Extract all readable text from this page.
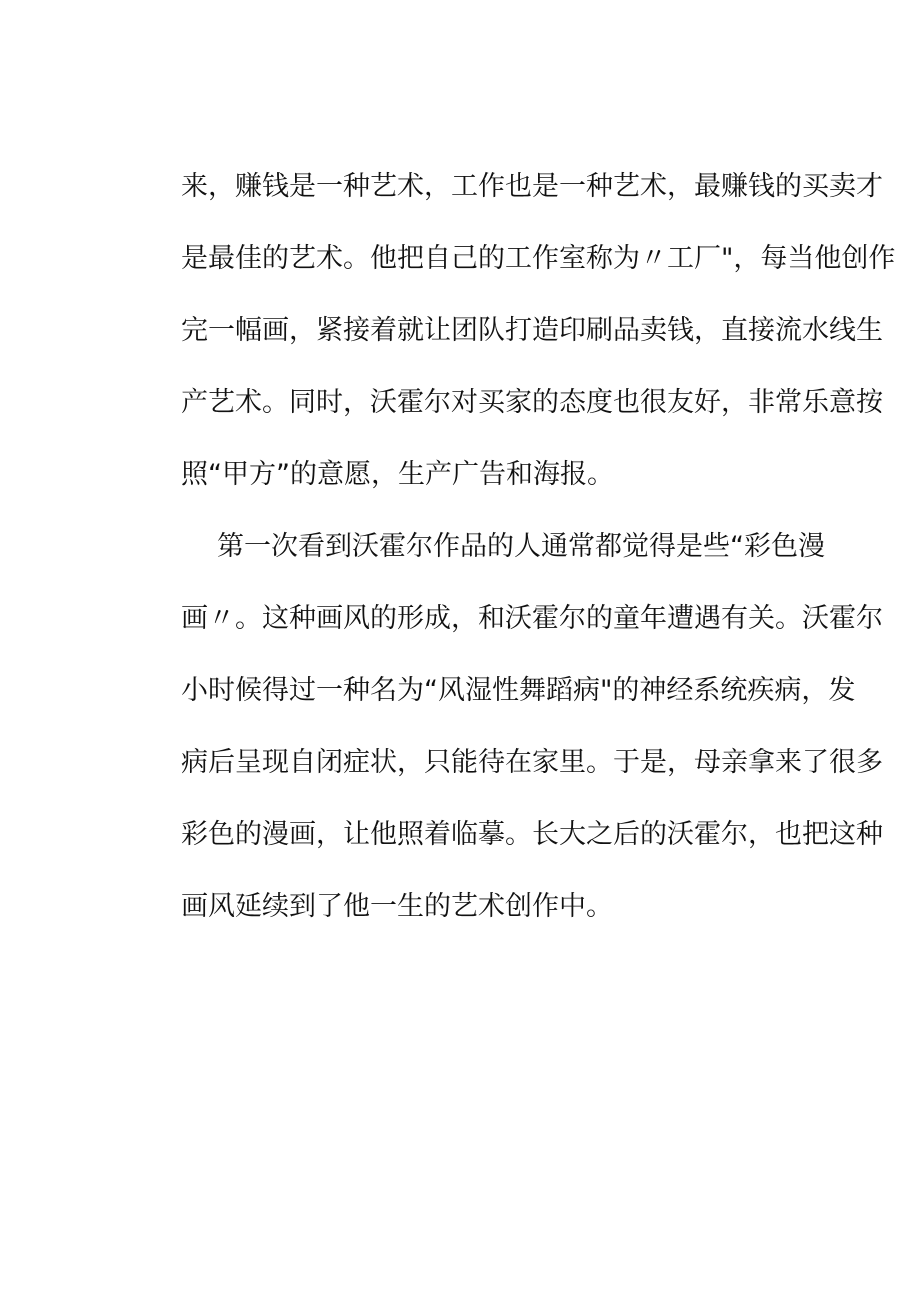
来，赚钱是一种艺术，工作也是一种艺术，最赚钱的买卖才
是最佳的艺术。他把自己的工作室称为〃工厂"，每当他创作
完一幅画，紧接着就让团队打造印刷品卖钱，直接流水线生
产艺术。同时，沃霍尔对买家的态度也很友好，非常乐意按
照“甲方”的意愿，生产广告和海报。
第一次看到沃霍尔作品的人通常都觉得是些“彩色漫
画〃。这种画风的形成，和沃霍尔的童年遭遇有关。沃霍尔
小时候得过一种名为“风湿性舞蹈病"的神经系统疾病，发
病后呈现自闭症状，只能待在家里。于是，母亲拿来了很多
彩色的漫画，让他照着临摹。长大之后的沃霍尔，也把这种
画风延续到了他一生的艺术创作中。
